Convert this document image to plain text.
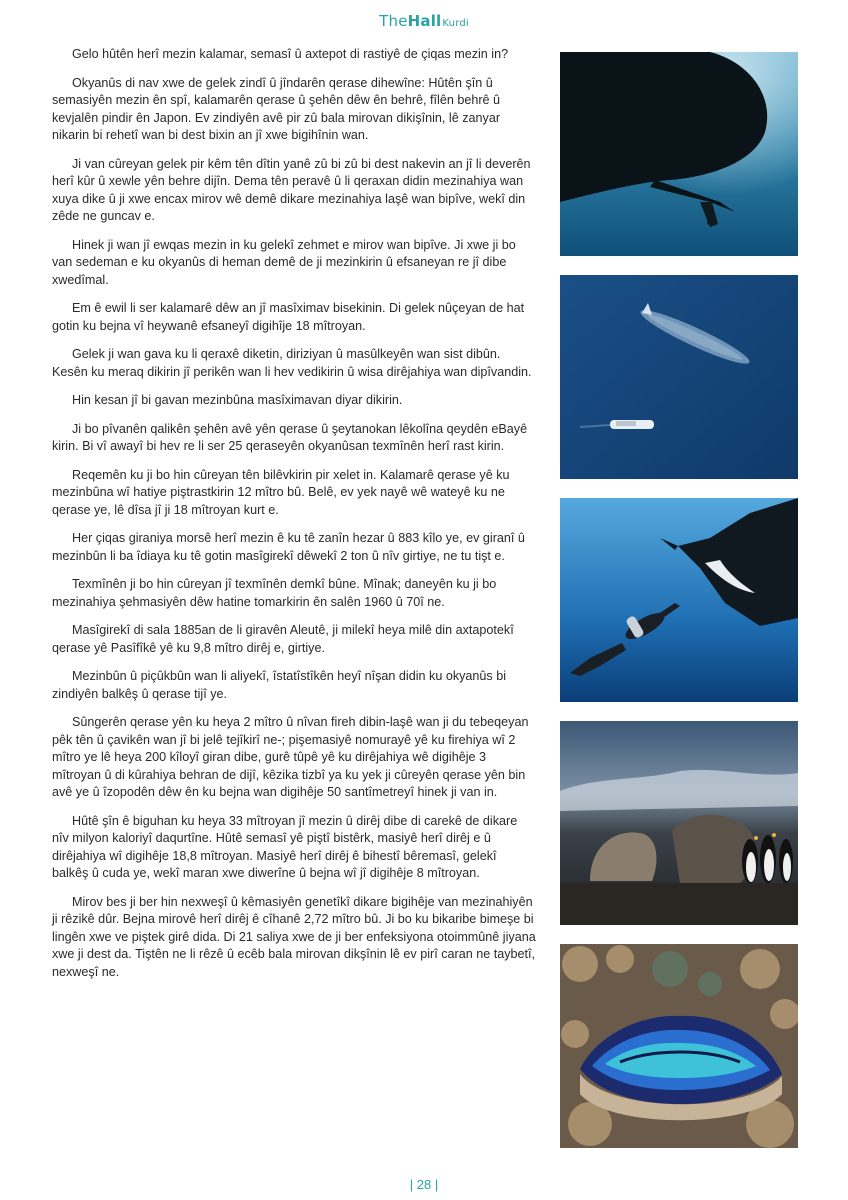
TheHallKurdi

Gelo hûtên herî mezin kalamar, semasî û axtepot di rastiyê de çiqas mezin in?

Okyanûs di nav xwe de gelek zindî û jîndarên qerase dihewîne: Hûtên şîn û semasiyên mezin ên spî, kalamarên qerase û şehên dêw ên behrê, fîlên behrê û kevjalên pindir ên Japon. Ev zindiyên avê pir zû bala mirovan dikişînin, lê zanyar nikarin bi rehetî wan bi dest bixin an jî xwe bigihînin wan.

Ji van cûreyan gelek pir kêm tên dîtin yanê zû bi zû bi dest nakevin an jî li deverên herî kûr û xewle yên behre dijîn. Dema tên peravê û li qeraxan didin mezinahiya wan xuya dike û ji xwe encax mirov wê demê dikare mezinahiya laşê wan bipîve, wekî din zêde ne guncav e.

Hinek ji wan jî ewqas mezin in ku gelekî zehmet e mirov wan bipîve. Ji xwe ji bo van sedeman e ku okyanûs di heman demê de ji mezinkirin û efsaneyan re jî dibe xwedîmal.

Em ê ewil li ser kalamarê dêw an jî masîximav bisekinin. Di gelek nûçeyan de hat gotin ku bejna vî heywanê efsaneyî digihîje 18 mîtroyan.

Gelek ji wan gava ku li qeraxê diketin, diriziyan û masûlkeyên wan sist dibûn. Kesên ku meraq dikirin jî perikên wan li hev vedikirin û wisa dirêjahiya wan dipîvandin.

Hin kesan jî bi gavan mezinbûna masîximavan diyar dikirin.

Ji bo pîvanên qalikên şehên avê yên qerase û şeytanokan lêkolîna qeydên eBayê kirin. Bi vî awayî bi hev re li ser 25 qeraseyên okyanûsan texmînên herî rast kirin.

Reqemên ku ji bo hin cûreyan tên bilêvkirin pir xelet in. Kalamarê qerase yê ku mezinbûna wî hatiye piştrastkirin 12 mîtro bû. Belê, ev yek nayê wê wateyê ku ne qerase ye, lê dîsa jî ji 18 mîtroyan kurt e.

Her çiqas giraniya morsê herî mezin ê ku tê zanîn hezar û 883 kîlo ye, ev giranî û mezinbûn li ba îdiaya ku tê gotin masîgirekî dêwekî 2 ton û nîv girtiye, ne tu tişt e.

Texmînên ji bo hin cûreyan jî texmînên demkî bûne. Mînak; daneyên ku ji bo mezinahiya şehmasiyên dêw hatine tomarkirin ên salên 1960 û 70î ne.

Masîgirekî di sala 1885an de li giravên Aleutê, ji milekî heya milê din axtapotekî qerase yê Pasîfîkê yê ku 9,8 mîtro dirêj e, girtiye.

Mezinbûn û piçûkbûn wan li aliyekî, îstatîstîkên heyî nîşan didin ku okyanûs bi zindiyên balkêş û qerase tijî ye.

Sûngerên qerase yên ku heya 2 mîtro û nîvan fireh dibin-laşê wan ji du tebeqeyan pêk tên û çavikên wan jî bi jelê tejîkirî ne-; pişemasiyê nomurayê yê ku firehiya wî 2 mîtro ye lê heya 200 kîloyî giran dibe, gurê tûpê yê ku dirêjahiya wê digihêje 3 mîtroyan û di kûrahiya behran de dijî, kêzika tizbî ya ku yek ji cûreyên qerase yên bin avê ye û îzopodên dêw ên ku bejna wan digihêje 50 santîmetreyî hinek ji van in.

Hûtê şîn ê biguhan ku heya 33 mîtroyan jî mezin û dirêj dibe di carekê de dikare nîv milyon kaloriyî daqurtîne. Hûtê semasî yê piştî bistêrk, masiyê herî dirêj e û dirêjahiya wî digihêje 18,8 mîtroyan. Masiyê herî dirêj ê bihestî bêremasî, gelekî balkêş û cuda ye, wekî maran xwe diwerîne û bejna wî jî digihêje 8 mîtroyan.

Mirov bes ji ber hin nexweşî û kêmasiyên genetîkî dikare bigihêje van mezinahiyên ji rêzikê dûr. Bejna mirovê herî dirêj ê cîhanê 2,72 mîtro bû. Ji bo ku bikaribe bimeşe bi lingên xwe ve piştek girê dida. Di 21 saliya xwe de ji ber enfeksiyona otoimmûnê jiyana xwe ji dest da. Tiştên ne li rêzê û ecêb bala mirovan dikşînin lê ev pirî caran ne taybetî, nexweşî ne.

| 28 |
